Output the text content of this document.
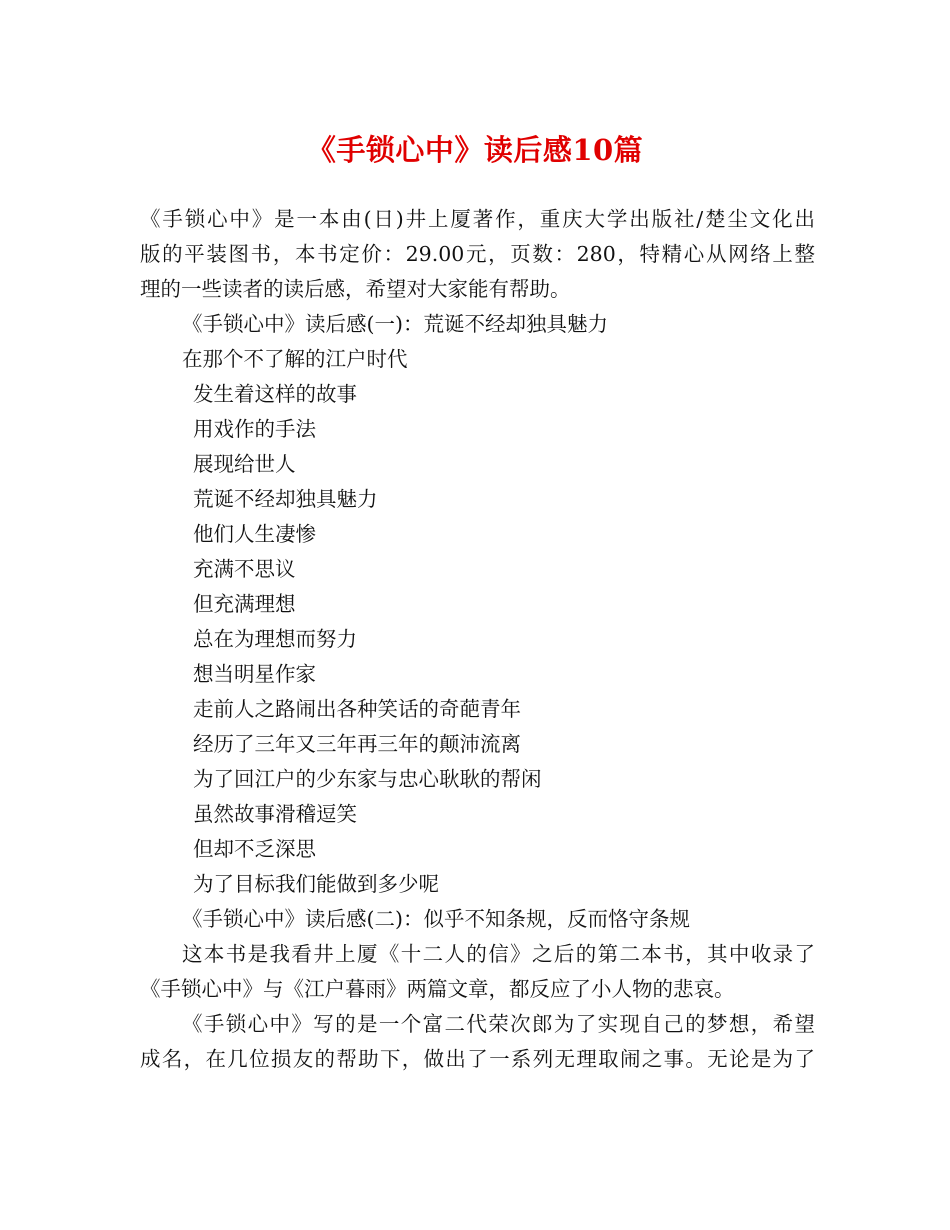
《手锁心中》读后感10篇

《手锁心中》是一本由(日)井上厦著作，重庆大学出版社/楚尘文化出

版的平装图书，本书定价：29.00元，页数：280，特精心从网络上整

理的一些读者的读后感，希望对大家能有帮助。

《手锁心中》读后感(一)：荒诞不经却独具魅力

在那个不了解的江户时代

发生着这样的故事

用戏作的手法

展现给世人

荒诞不经却独具魅力

他们人生凄惨

充满不思议

但充满理想

总在为理想而努力

想当明星作家

走前人之路闹出各种笑话的奇葩青年

经历了三年又三年再三年的颠沛流离

为了回江户的少东家与忠心耿耿的帮闲

虽然故事滑稽逗笑

但却不乏深思

为了目标我们能做到多少呢

《手锁心中》读后感(二)：似乎不知条规，反而恪守条规

这本书是我看井上厦《十二人的信》之后的第二本书，其中收录了

《手锁心中》与《江户暮雨》两篇文章，都反应了小人物的悲哀。

《手锁心中》写的是一个富二代荣次郎为了实现自己的梦想，希望

成名，在几位损友的帮助下，做出了一系列无理取闹之事。无论是为了
